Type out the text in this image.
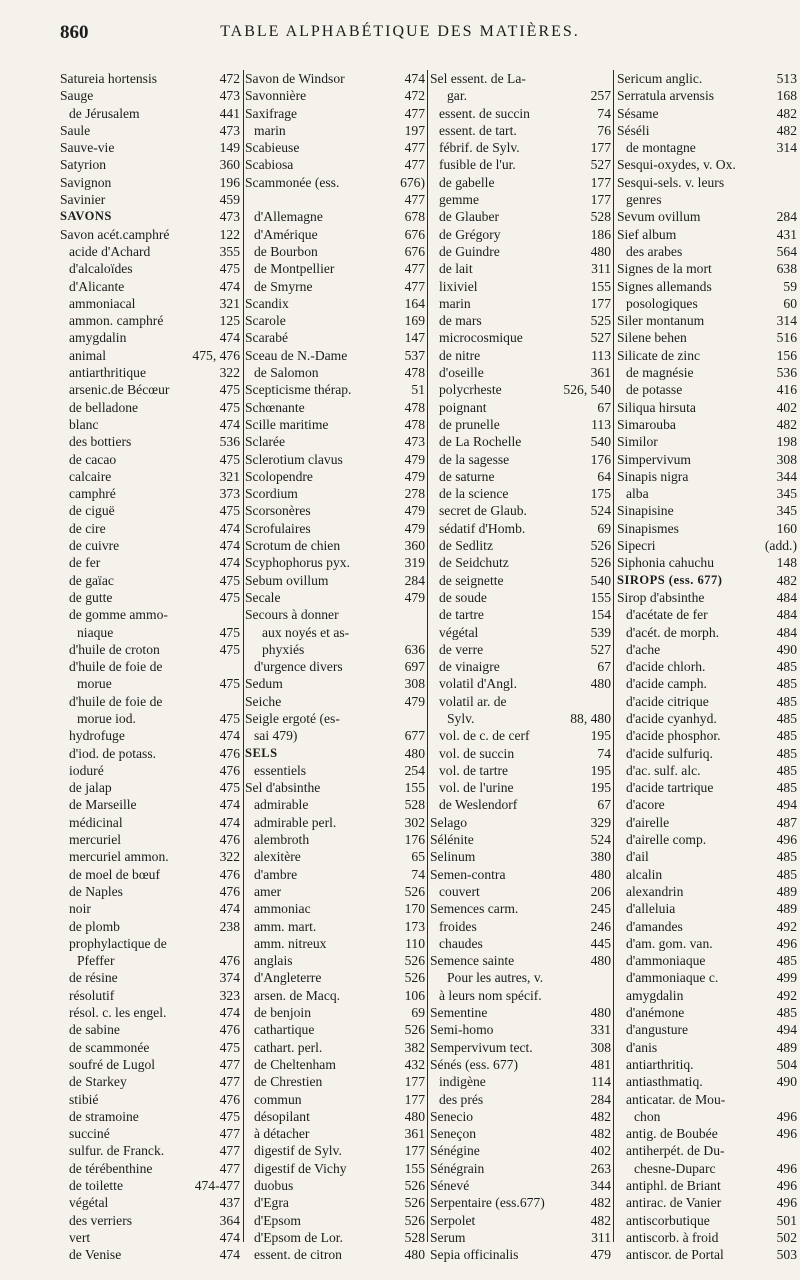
860	TABLE ALPHABÉTIQUE DES MATIÈRES.
Satureia hortensis	472
Sauge	473
de Jérusalem	441
Saule	473
Sauve-vie	149
Satyrion	360
Savignon	196
Savinier	459
SAVONS	473
Savon acét.camphré	122
acide d'Achard	355
d'alcaloïdes	475
d'Alicante	474
ammoniacal	321
ammon. camphré	125
amygdalin	474
animal	475, 476
antiarthritique	322
arsenic.de Bécœur	475
de belladone	475
blanc	474
des bottiers	536
de cacao	475
calcaire	321
camphré	373
de ciguë	475
de cire	474
de cuivre	474
de fer	474
de gaïac	475
de gutte	475
de gomme ammo-
niaque	475
d'huile de croton	475
d'huile de foie de
morue	475
d'huile de foie de
morue iod.	475
hydrofuge	474
d'iod. de potass.	476
ioduré	476
de jalap	475
de Marseille	474
médicinal	474
mercuriel	476
mercuriel ammon.	322
de moel de bœuf	476
de Naples	476
noir	474
de plomb	238
prophylactique de
Pfeffer	476
de résine	374
résolutif	323
résol. c. les engel.	474
de sabine	476
de scammonée	475
soufré de Lugol	477
de Starkey	477
stibié	476
de stramoine	475
succiné	477
sulfur. de Franck.	477
de térébenthine	477
de toilette	474-477
végétal	437
des verriers	364
vert	474
de Venise	474
Savon de Windsor	474
Savonnière	472
Saxifrage	477
marin	197
Scabieuse	477
Scabiosa	477
Scammonée (ess.	676)
477
d'Allemagne	678
d'Amérique	676
de Bourbon	676
de Montpellier	477
de Smyrne	477
Scandix	164
Scarole	169
Scarabé	147
Sceau de N.-Dame	537
de Salomon	478
Scepticisme thérap.	51
Schœnante	478
Scille maritime	478
Sclarée	473
Sclerotium clavus	479
Scolopendre	479
Scordium	278
Scorsonères	479
Scrofulaires	479
Scrotum de chien	360
Scyphophorus pyx.	319
Sebum ovillum	284
Secale	479
Secours à donner
aux noyés et as-
phyxiés	636
d'urgence divers	697
Sedum	308
Seiche	479
Seigle ergoté (es-
sai 479)	677
SELS	480
essentiels	254
Sel d'absinthe	155
admirable	528
admirable perl.	302
alembroth	176
alexitère	65
d'ambre	74
amer	526
ammoniac	170
amm. mart.	173
amm. nitreux	110
anglais	526
d'Angleterre	526
arsen. de Macq.	106
de benjoin	69
cathartique	526
cathart. perl.	382
de Cheltenham	432
de Chrestien	177
commun	177
désopilant	480
à détacher	361
digestif de Sylv.	177
digestif de Vichy	155
duobus	526
d'Egra	526
d'Epsom	526
d'Epsom de Lor.	528
essent. de citron	480
Sel essent. de La-
gar.	257
essent. de succin	74
essent. de tart.	76
fébrif. de Sylv.	177
fusible de l'ur.	527
de gabelle	177
gemme	177
de Glauber	528
de Grégory	186
de Guindre	480
de lait	311
lixiviel	155
marin	177
de mars	525
microcosmique	527
de nitre	113
d'oseille	361
polycrheste	526, 540
poignant	67
de prunelle	113
de La Rochelle	540
de la sagesse	176
de saturne	64
de la science	175
secret de Glaub.	524
sédatif d'Homb.	69
de Sedlitz	526
de Seidchutz	526
de seignette	540
de soude	155
de tartre	154
végétal	539
de verre	527
de vinaigre	67
volatil d'Angl.	480
volatil ar. de
Sylv.	88, 480
vol. de c. de cerf	195
vol. de succin	74
vol. de tartre	195
vol. de l'urine	195
de Weslendorf	67
Selago	329
Sélénite	524
Selinum	380
Semen-contra	480
couvert	206
Semences carm.	245
froides	246
chaudes	445
Semence sainte	480
Pour les autres, v.
à leurs nom spécif.
Sementine	480
Semi-homo	331
Sempervivum tect.	308
Sénés (ess. 677)	481
indigène	114
des prés	284
Senecio	482
Seneçon	482
Sénégine	402
Sénégrain	263
Sénevé	344
Serpentaire (ess.677)	482
Serpolet	482
Serum	311
Sepia officinalis	479
Sericum anglic.	513
Serratula arvensis	168
Sésame	482
Séséli	482
de montagne	314
Sesqui-oxydes, v. Ox.
Sesqui-sels. v. leurs
genres
Sevum ovillum	284
Sief album	431
des arabes	564
Signes de la mort	638
Signes allemands	59
posologiques	60
Siler montanum	314
Silene behen	516
Silicate de zinc	156
de magnésie	536
de potasse	416
Siliqua hirsuta	402
Simarouba	482
Similor	198
Simpervivum	308
Sinapis nigra	344
alba	345
Sinapisine	345
Sinapismes	160
Sipecri	(add.)
Siphonia cahuchu	148
SIROPS (ess. 677)	482
Sirop d'absinthe	484
d'acétate de fer	484
d'acét. de morph.	484
d'ache	490
d'acide chlorh.	485
d'acide camph.	485
d'acide citrique	485
d'acide cyanhyd.	485
d'acide phosphor.	485
d'acide sulfuriq.	485
d'ac. sulf. alc.	485
d'acide tartrique	485
d'acore	494
d'airelle	487
d'airelle comp.	496
d'ail	485
alcalin	485
alexandrin	489
d'alleluia	489
d'amandes	492
d'am. gom. van.	496
d'ammoniaque	485
d'ammoniaque c.	499
amygdalin	492
d'anémone	485
d'angusture	494
d'anis	489
antiarthritiq.	504
antiasthmatiq.	490
anticatar. de Mou-
chon	496
antig. de Boubée	496
antiherpét. de Du-
chesne-Duparc	496
antiphl. de Briant	496
antirac. de Vanier	496
antiscorbutique	501
antiscorb. à froid	502
antiscor. de Portal	503
